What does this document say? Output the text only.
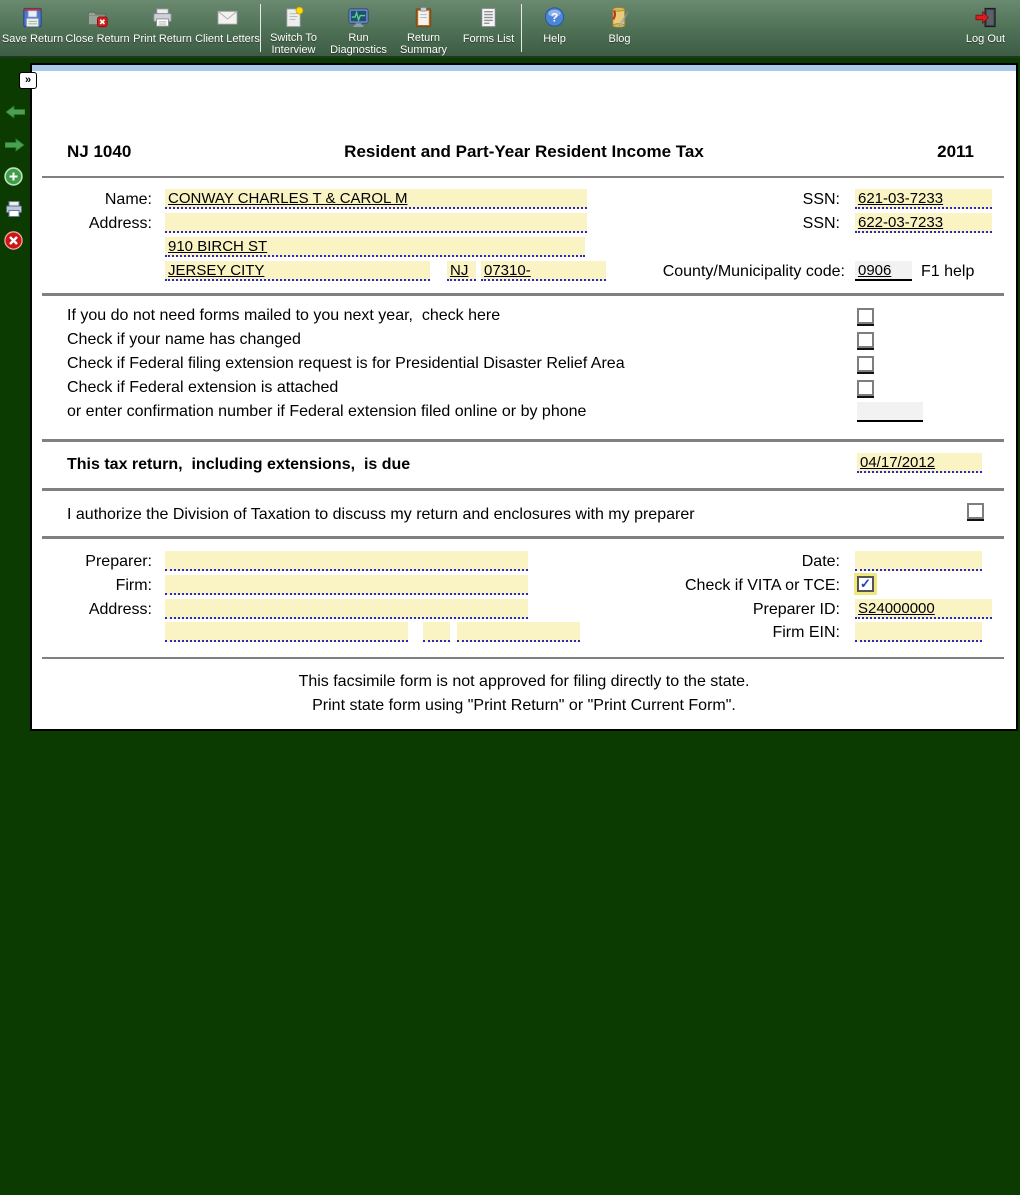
Save Return Close Return Print Return Client Letters Switch To Interview
Run Diagnostics
Return Summary
Forms List
?
Help	Blog	Log Out
»
NJ 1040	Resident and Part-Year Resident Income Tax	2011
Name: CONWAY CHARLES T & CAROL M	SSN: 621-03-7233
Address:	SSN: 622-03-7233
910 BIRCH ST
JERSEY CITY	NJ	07310-	County/Municipality code: 0906	F1 help
If you do not need forms mailed to you next year,  check here
Check if your name has changed
Check if Federal filing extension request is for Presidential Disaster Relief Area
Check if Federal extension is attached
or enter confirmation number if Federal extension filed online or by phone
This tax return,  including extensions,  is due	04/17/2012
I authorize the Division of Taxation to discuss my return and enclosures with my preparer
Preparer:	Date:
Firm:	Check if VITA or TCE: ✓
Address:	Preparer ID: S24000000
Firm EIN:
This facsimile form is not approved for filing directly to the state.
Print state form using "Print Return" or "Print Current Form".
